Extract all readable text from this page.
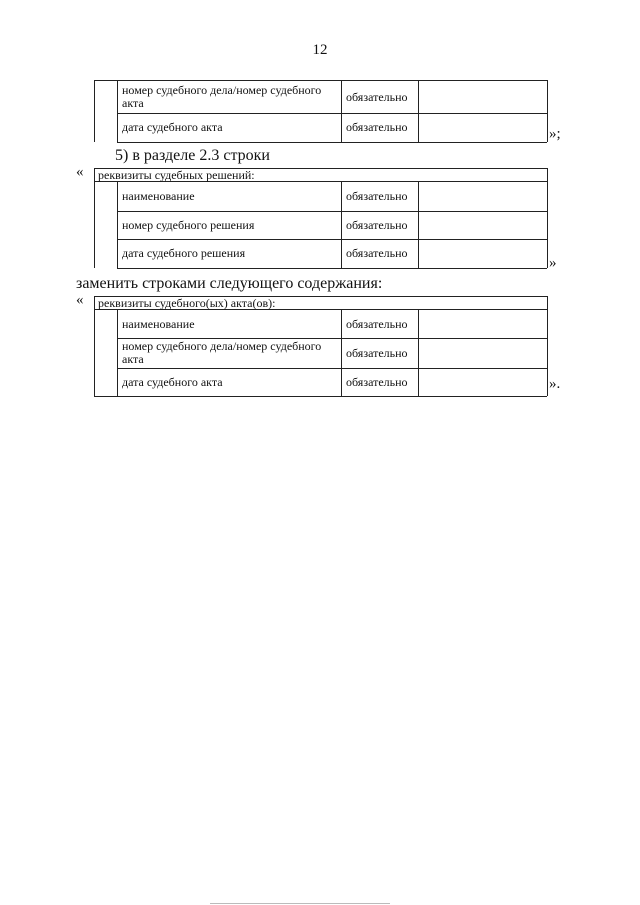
12
номер судебного дела/номер судебного акта	обязательно
дата судебного акта	обязательно	»;
5) в разделе 2.3 строки
« реквизиты судебных решений:
наименование	обязательно
номер судебного решения	обязательно
дата судебного решения	обязательно
»
заменить строками следующего содержания:
« реквизиты судебного(ых) акта(ов):
наименование	обязательно
номер судебного дела/номер судебного акта	обязательно
дата судебного акта	обязательно	».
